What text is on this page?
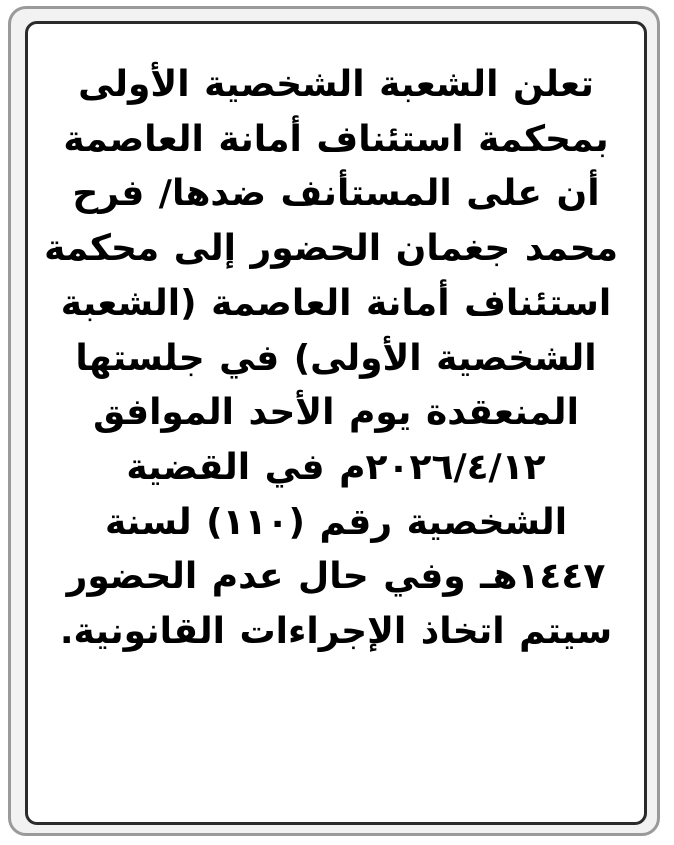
تعلن الشعبة الشخصية الأولى

بمحكمة استئناف أمانة العاصمة

أن على المستأنف ضدها/ فرح

محمد جغمان الحضور إلى محكمة

استئناف أمانة العاصمة (الشعبة

الشخصية الأولى) في جلستها

المنعقدة يوم الأحد الموافق

٢٠٢٦/٤/١٢م في القضية

الشخصية رقم (١١٠) لسنة

١٤٤٧هـ وفي حال عدم الحضور

سيتم اتخاذ الإجراءات القانونية.
